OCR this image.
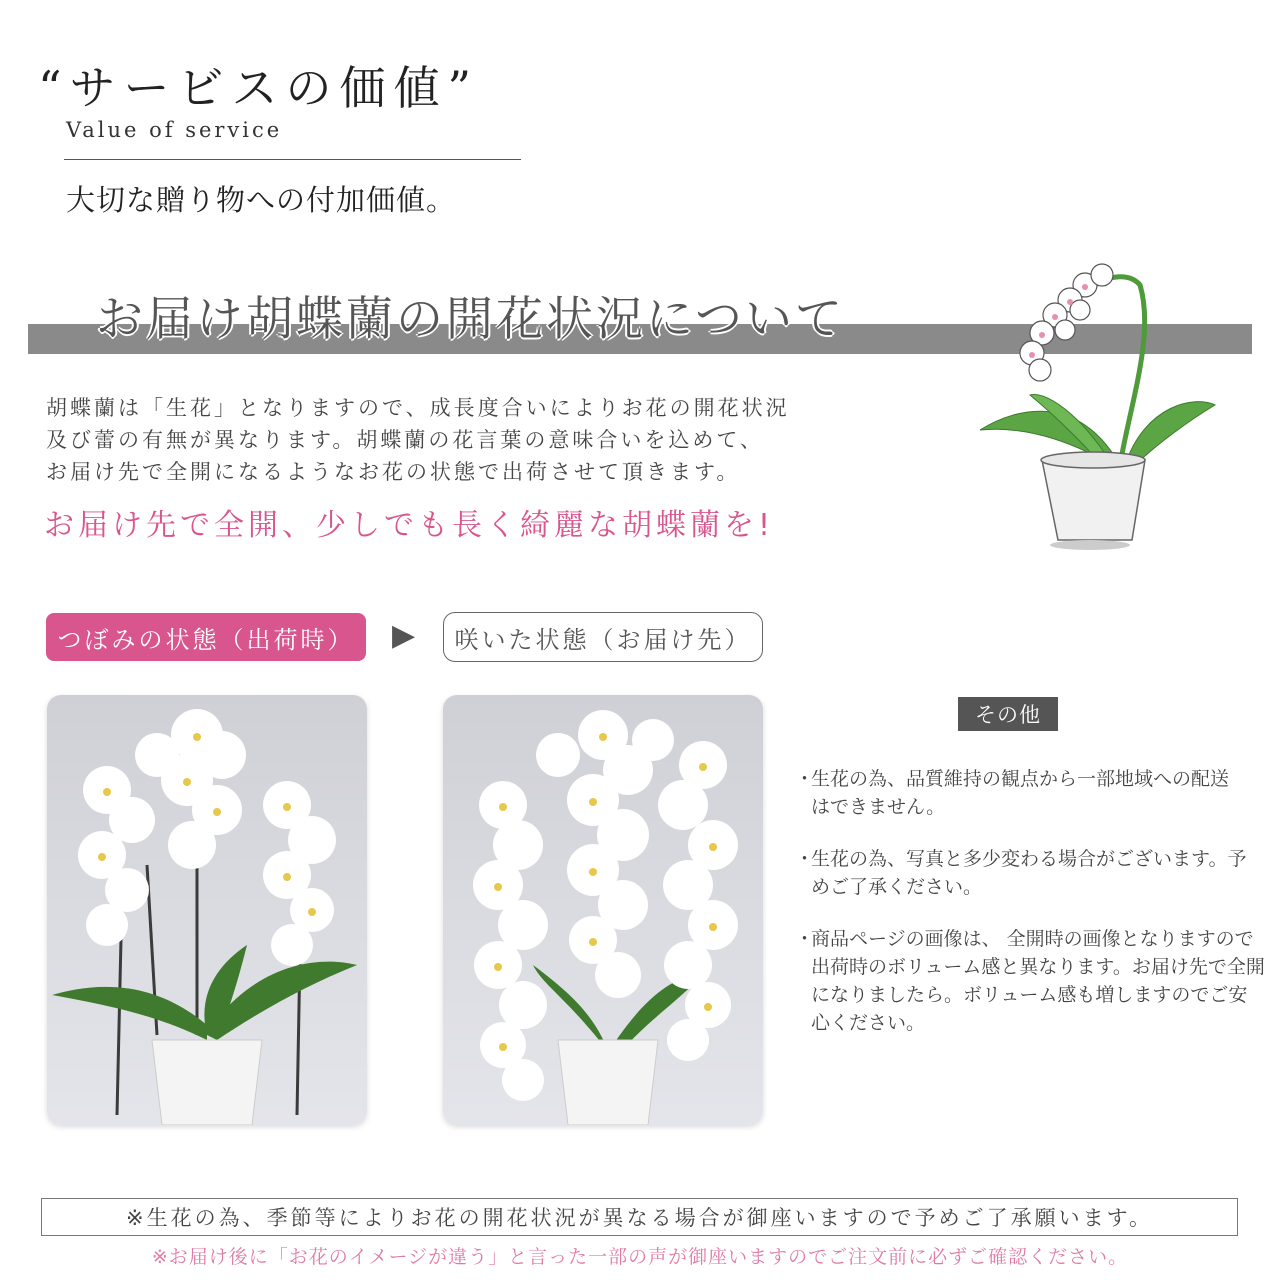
“サービスの価値”
Value of service
大切な贈り物への付加価値。
お届け胡蝶蘭の開花状況について
胡蝶蘭は「生花」となりますので、成長度合いによりお花の開花状況
及び蕾の有無が異なります。胡蝶蘭の花言葉の意味合いを込めて、
お届け先で全開になるようなお花の状態で出荷させて頂きます。
お届け先で全開、少しでも長く綺麗な胡蝶蘭を!
つぼみの状態（出荷時）	▶	咲いた状態（お届け先）
その他
・
生花の為、品質維持の観点から一部地域への配送はできません。
・
生花の為、写真と多少変わる場合がございます。予めご了承ください。
・
商品ページの画像は、 全開時の画像となりますので出荷時のボリューム感と異なります。お届け先で全開になりましたら。ボリューム感も増しますのでご安心ください。
※生花の為、季節等によりお花の開花状況が異なる場合が御座いますので予めご了承願います。
※お届け後に「お花のイメージが違う」と言った一部の声が御座いますのでご注文前に必ずご確認ください。
